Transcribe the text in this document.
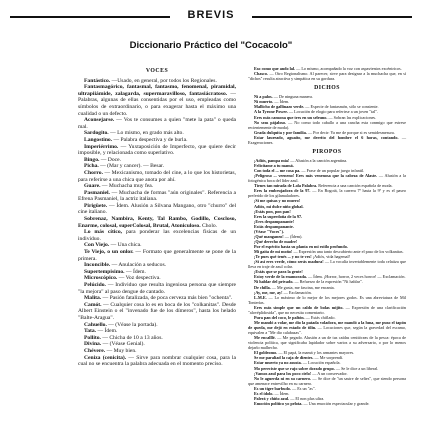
BREVIS
Diccionario Práctico del "Cocacolo"
VOCES

Fantástico. —Usado, en general, por todos los Regionales.

Fantasmagórico, fantasmal, fantasmo, fenomenal, piramidal, ultrapiiámide, zalagarda, supermaravilloso, fantasiácratoso. — Palabras, algunas de ellas consentidas por el uso, empleadas como símbolos de extraordinario, o para exagerar hasta el máximo una cualidad o un defecto.

Aconsejarse. — Vos te consumes a quien "mete la pata" o queda mal.

Sardogito. — Lo mismo, en grado más alto.

Langostino. — Palabra despectiva y de burla.

Imperiérrimo. — Yuxtaposición de Imperfecto, que quiere decir imposible, y relacionada como superlativo.

Bingo. — Doce.

Picha. — (Mar y cancer). — Besar.

Chorro. — Mexicanismo, tomado del cine, a lo que los historietas, para referirse a una chica que anota por ahí.

Guare. — Muchacha muy fea.

Pasmaniel. — Muchacha de formas "aún originales". Referencia a Efrena Pasmaniel, la actriz italiana.

Pirigüete. — Ídem. Alusión a Silvana Mangano, otro "churro" del cine italiano.

Sobrenaz, Nambira, Kenty, Tal Rambo, Godillo, Coscloso, Enarme, colosal, superColosal, Brutal, Atoniculoso. Cholo.

Lo más cítico, para ponderar las excelencias fisicas de un individuo.

Con Viejo. — Una chica.

Te Viejo, o un onlor. — Formato que generalmente se pone de la primera.

Inconcible. — Anulación a seducos.

Supertempisimo. — Ídem.

Microscópico. — Voz despectiva.

Pelúcido. — Individuo que resulta ingeniosa persona que siempre "la mejora" al paso dengue de cantado.

Malita. — Pasión fatalizada, de poca cerveza más bien "ochenta".

Camót. — Cualquier cosa lo es en boca de los "colkanitas". Desde Albert Einstein o el "invenado fue de los dímeros", hasta los helado "Balte-Aragua".

Cahuello. — (Véase la portada).

Tata. — Ídem.

Pollito. — Chicha de 10 a 13 años.

Divina. — (Véase Genial).

Chévere. — Muy bien.

Ceniza (cenicita). — Sirve para nombrar cualquier cosa, para la cual no se encuentra la palabra adecuada en el momento preciso.

Eso como que ando lal. — Lo mismo, acompañado la voz con aspavientos excéntricos.

Chasco. — Otro Regionalismo. Al parecer, sirve para designar a la muchacha que, en sí "dichos" resulta atractiva y simpática en su gordura.

DICHOS

Ni a palos. — De ninguna manera.

Ni muerto. — Ídem.

Mallicho de gallinazo verde. — Especie de fantasmón, sólo se consiente.

A la Tyrone Power. — Locución de elogio para referirse a un joven "tal".

Eres más cansona que tres en un seleuno. — Sobran las explicaciones.

No seas pájaloso. — No como todo caballo a una cancha esta conmigo que estrese recientemente de moda).

Grada dulquita y por familia. — Por decir: Ya me de porque si es semidesmesura.

Estar laureado, aguaíto, me derrito del hombre el 6 horas, contando. — Exageraciones.

PIROPOS

¡Adiós, pampa mía! — Alusión a la canción argentina.

Felicitame a tu mamá.

Con toda el ... me cosa pa. — Frase de un popular juego infantil.

¡Peligroso ... veeneno! Eres más venenosa que la cabeza de Alaste. — Alusión a la fotogénica boca del líder azul.

Tienes tan mirada de Lola Palabra. Referencia a una canción española de moda.

Eres la embrujadora de la 97. — En Bogotá, la carrera 7ª hasta la 9ª y es el paseo preferido de los gilamaladores.

¡Si me quisas y no muero!

Adiós, mi dulce niño global.

¡Estás pon, pon pan!

Eres la superdoña de la 97.

¡Eres despampanante!

Estás despampanante.

(Véase "Voces").

¡Qué manganeo! — (Ídem).

¡Qué derecho de madre!

Por el espécito hasta su planta en mi estilo profundo.

Mi gaita de mi moño! — Expresión una tanto descubierto ante el paso de los volkanitas.

¡Te pues qué tenés ... y no te ves! ¡Adiós, vida hagemal!

¡Si así eres verde, cómo serás madura! — La vocalía invertablemente toda celatiza que lleva en traje de azul colar.

¡Estás que se para la gente!

Estoy verde de la enamorada. — Ídem. ¡Horror, horror, 2 veces horror! — Exclamación.

Ni hablar del privado. — Refuerzo de la expresión "Ni hablar".

De chilla. — Me gusta, me fascina, me encanta.

¡Ay, me, me, ay! — Exclamación.

L.M.E. — Lo máximo de lo mejor de los mejores godos. Es una abreviatura de Mil Tonterías.

Eres más simple que un caldo de bolas mijito. — Expresión de una clarificación "alovéplidosida", que no necesita comentario.

Pura pan del coco, le paltón. — Estás chiflado.

Me mandó a volar, me dio la patada voladora, me mandó a la luna, me puso el tapón de queda, me dejó en estado de tilín. — Locuciones que, según la gravedad del escamo, equivalen a "Me dio calabazas".

Me encalllé. — Me pegado. Alusión a un de tus caídas cenitóceas de la pesca: época de violencia política, que significaba lapidador sobre varios a su adversario, o por lo menos dejarlo malhecho.

El goldeomo. — El papá, la mamá y los armantes mayores.

Se me paraliad la caja de dientes. — Me sorprendí.

Estar muerto ya no asusta. — Locución española.

Mo pereciste que se rajo sobre dorado grupo. — Se le dice a un liberal.

¡Vamos azul para los poco cielo! — A un conservador.

No le aguerda ni en su carnero. — Se dice de "un sastre de seltes", que siendo persona que amenace entrevilho en su carnero.

Es un tigre barbudo. — Es un "as".

Es el ídolo. — Ídem.

Palerá y chiño azul. — El non plus ultra.

Emoción político yo pelota. — Una emoción espectacular y grande.
